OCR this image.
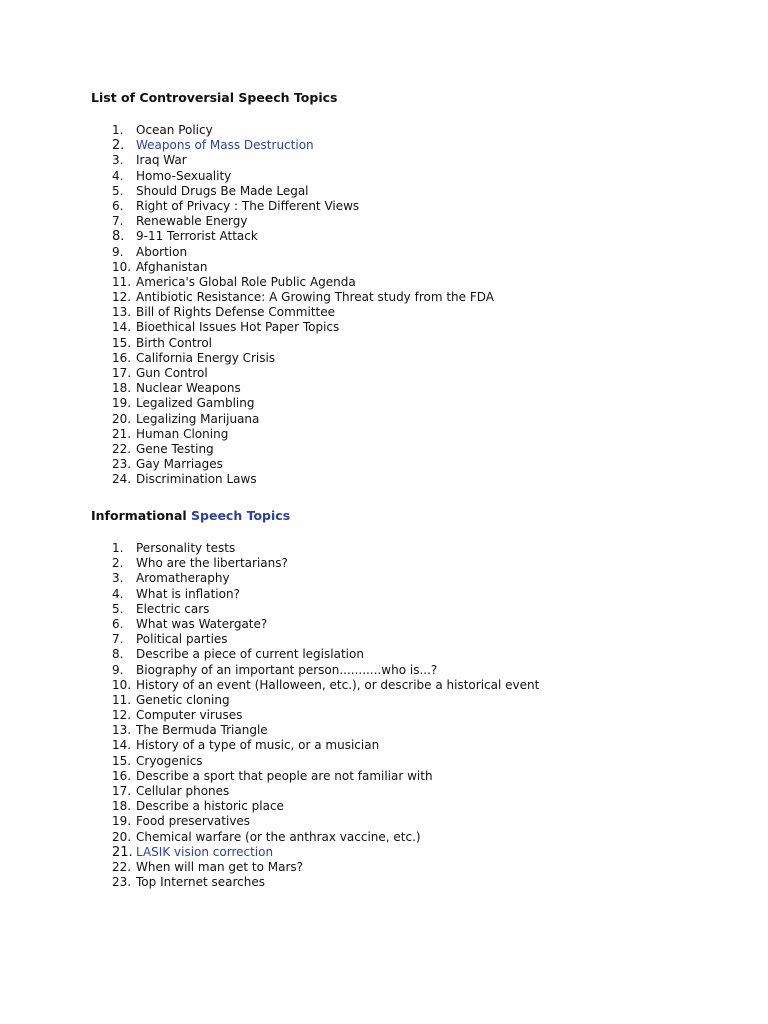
List of Controversial Speech Topics
1.	Ocean Policy
2. Weapons of Mass Destruction
3.	Iraq War
4.	Homo-Sexuality
5.	Should Drugs Be Made Legal
6.	Right of Privacy : The Different Views
7.	Renewable Energy
8. 9-11 Terrorist Attack
9.	Abortion
10. Afghanistan
11. America's Global Role Public Agenda
12. Antibiotic Resistance: A Growing Threat study from the FDA
13. Bill of Rights Defense Committee
14. Bioethical Issues Hot Paper Topics
15. Birth Control
16. California Energy Crisis
17. Gun Control
18. Nuclear Weapons
19. Legalized Gambling
20. Legalizing Marijuana
21. Human Cloning
22. Gene Testing
23. Gay Marriages
24. Discrimination Laws
Informational Speech Topics
1.	Personality tests
2.	Who are the libertarians?
3.	Aromatheraphy
4.	What is inflation?
5.	Electric cars
6.	What was Watergate?
7.	Political parties
8.	Describe a piece of current legislation
9.	Biography of an important person...........who is...?
10. History of an event (Halloween, etc.), or describe a historical event
11. Genetic cloning
12. Computer viruses
13. The Bermuda Triangle
14. History of a type of music, or a musician
15. Cryogenics
16. Describe a sport that people are not familiar with
17. Cellular phones
18. Describe a historic place
19. Food preservatives
20. Chemical warfare (or the anthrax vaccine, etc.)
21. LASIK vision correction
22. When will man get to Mars?
23. Top Internet searches
